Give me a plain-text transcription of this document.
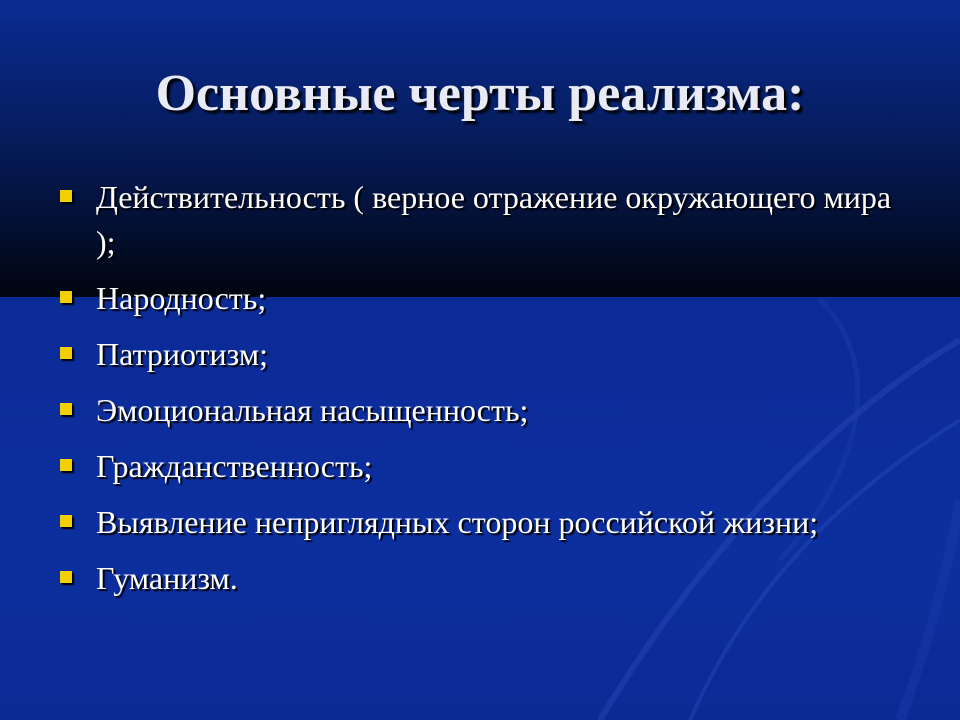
Основные черты реализма:
Действительность ( верное отражение окружающего мира );
Народность;
Патриотизм;
Эмоциональная насыщенность;
Гражданственность;
Выявление неприглядных сторон российской жизни;
Гуманизм.
